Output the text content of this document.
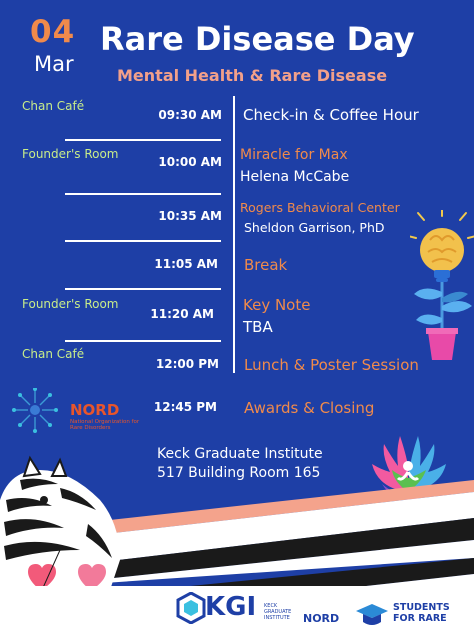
04
Mar
Rare Disease Day
Mental Health & Rare Disease
Chan Café
09:30 AM Check-in & Coffee Hour
Founder's Room
10:00 AM Miracle for Max
Helena McCabe
10:35 AM
Rogers Behavioral Center
Sheldon Garrison, PhD
11:05 AM Break
Founder's Room
11:20 AM Key Note
TBA
Chan Café
12:00 PM Lunch & Poster Session
12:45 PM Awards & Closing
NORD
National Organization for Rare Disorders
Keck Graduate Institute
517 Building Room 165
KGI KECK GRADUATE INSTITUTE	NORD
STUDENTS
FOR RARE
